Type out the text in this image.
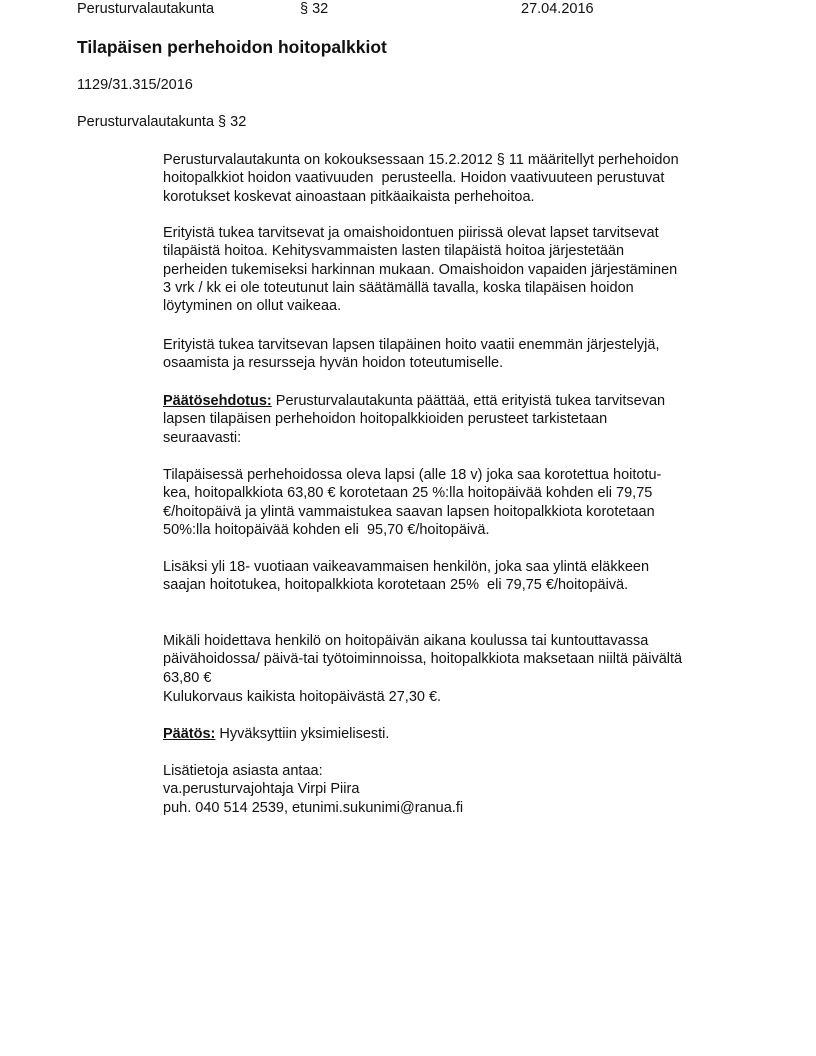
Perusturvalautakunta	§ 32	27.04.2016
Tilapäisen perhehoidon hoitopalkkiot
1129/31.315/2016
Perusturvalautakunta § 32
Perusturvalautakunta on kokouksessaan 15.2.2012 § 11 määritellyt perhehoidon
hoitopalkkiot hoidon vaativuuden  perusteella. Hoidon vaativuuteen perustuvat
korotukset koskevat ainoastaan pitkäaikaista perhehoitoa.
Erityistä tukea tarvitsevat ja omaishoidontuen piirissä olevat lapset tarvitsevat
tilapäistä hoitoa. Kehitysvammaisten lasten tilapäistä hoitoa järjestetään
perheiden tukemiseksi harkinnan mukaan. Omaishoidon vapaiden järjestäminen
3 vrk / kk ei ole toteutunut lain säätämällä tavalla, koska tilapäisen hoidon
löytyminen on ollut vaikeaa.
Erityistä tukea tarvitsevan lapsen tilapäinen hoito vaatii enemmän järjestelyjä,
osaamista ja resursseja hyvän hoidon toteutumiselle.
Päätösehdotus: Perusturvalautakunta päättää, että erityistä tukea tarvitsevan
lapsen tilapäisen perhehoidon hoitopalkkioiden perusteet tarkistetaan
seuraavasti:
Tilapäisessä perhehoidossa oleva lapsi (alle 18 v) joka saa korotettua hoitotu-
kea, hoitopalkkiota 63,80 € korotetaan 25 %:lla hoitopäivää kohden eli 79,75
€/hoitopäivä ja ylintä vammaistukea saavan lapsen hoitopalkkiota korotetaan
50%:lla hoitopäivää kohden eli  95,70 €/hoitopäivä.
Lisäksi yli 18- vuotiaan vaikeavammaisen henkilön, joka saa ylintä eläkkeen
saajan hoitotukea, hoitopalkkiota korotetaan 25%  eli 79,75 €/hoitopäivä.
Mikäli hoidettava henkilö on hoitopäivän aikana koulussa tai kuntouttavassa
päivähoidossa/ päivä-tai työtoiminnoissa, hoitopalkkiota maksetaan niiltä päivältä
63,80 €
Kulukorvaus kaikista hoitopäivästä 27,30 €.
Päätös: Hyväksyttiin yksimielisesti.
Lisätietoja asiasta antaa:
va.perusturvajohtaja Virpi Piira
puh. 040 514 2539, etunimi.sukunimi@ranua.fi
